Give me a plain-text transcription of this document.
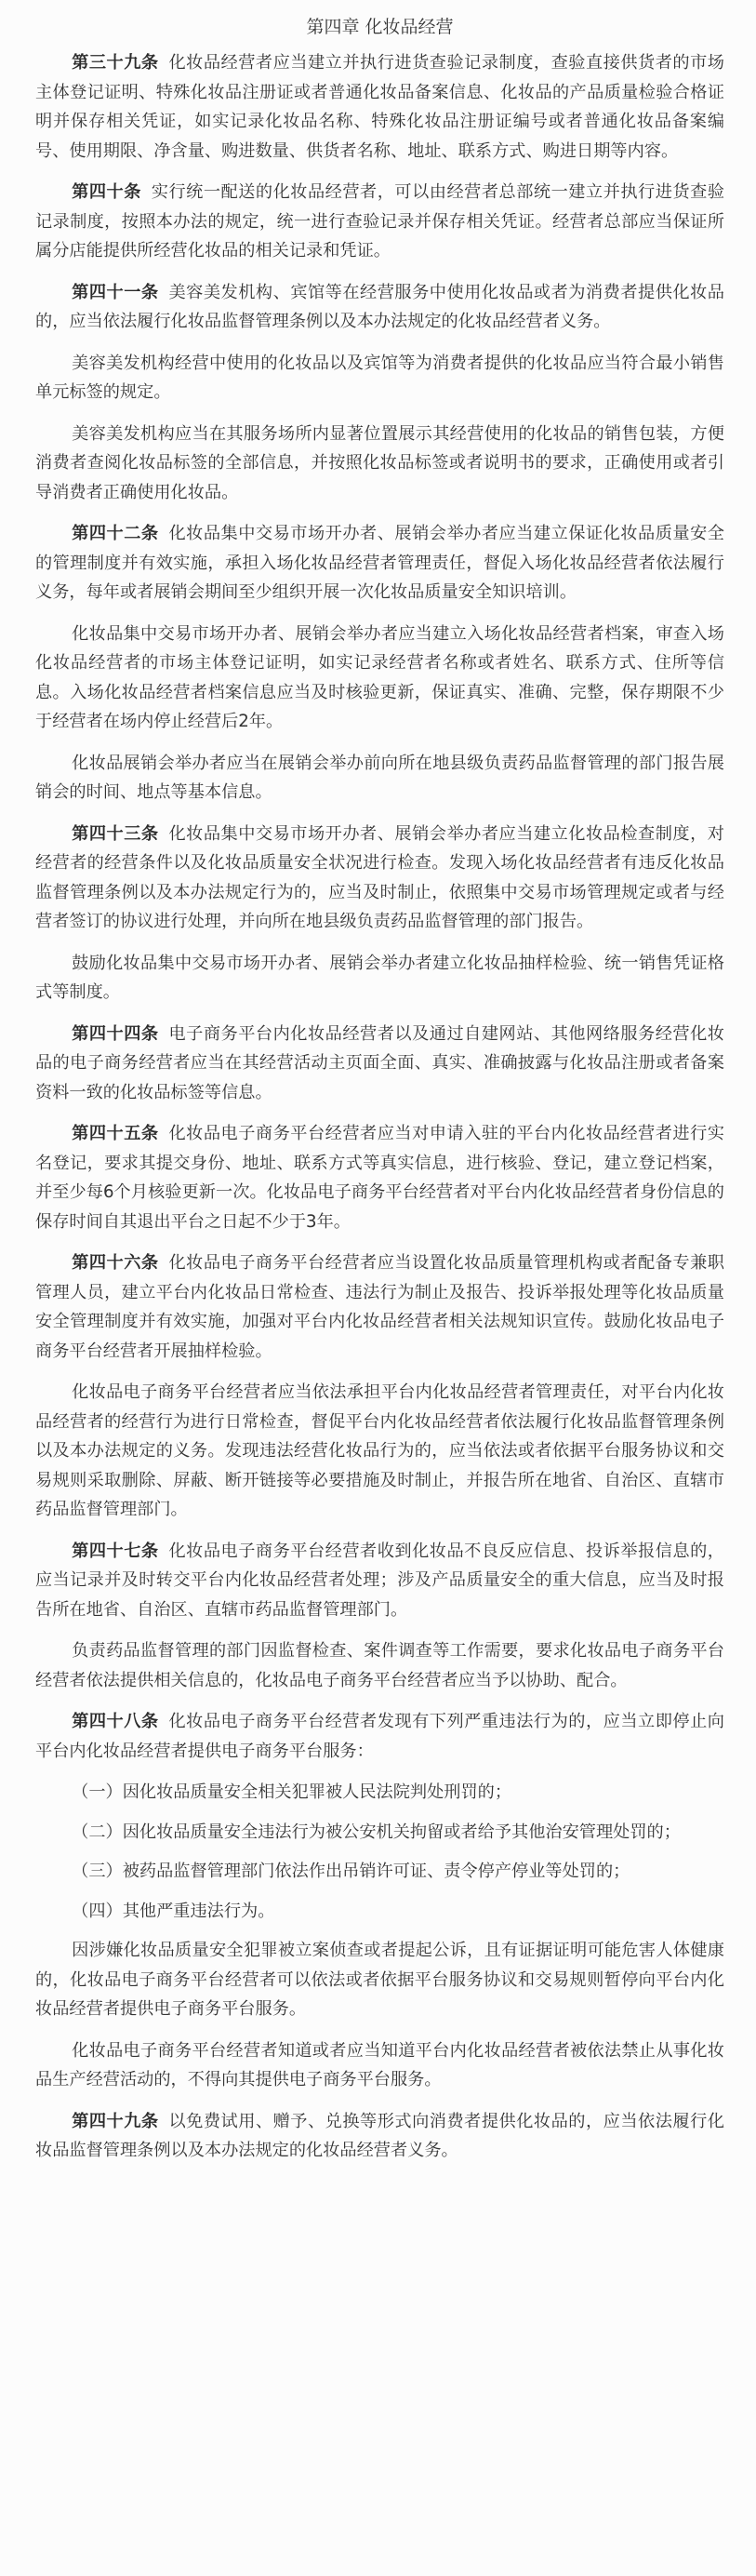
第四章 化妆品经营

第三十九条 化妆品经营者应当建立并执行进货查验记录制度，查验直接供货者的市场主体登记证明、特殊化妆品注册证或者普通化妆品备案信息、化妆品的产品质量检验合格证明并保存相关凭证，如实记录化妆品名称、特殊化妆品注册证编号或者普通化妆品备案编号、使用期限、净含量、购进数量、供货者名称、地址、联系方式、购进日期等内容。

第四十条 实行统一配送的化妆品经营者，可以由经营者总部统一建立并执行进货查验记录制度，按照本办法的规定，统一进行查验记录并保存相关凭证。经营者总部应当保证所属分店能提供所经营化妆品的相关记录和凭证。

第四十一条 美容美发机构、宾馆等在经营服务中使用化妆品或者为消费者提供化妆品的，应当依法履行化妆品监督管理条例以及本办法规定的化妆品经营者义务。

美容美发机构经营中使用的化妆品以及宾馆等为消费者提供的化妆品应当符合最小销售单元标签的规定。

美容美发机构应当在其服务场所内显著位置展示其经营使用的化妆品的销售包装，方便消费者查阅化妆品标签的全部信息，并按照化妆品标签或者说明书的要求，正确使用或者引导消费者正确使用化妆品。

第四十二条 化妆品集中交易市场开办者、展销会举办者应当建立保证化妆品质量安全的管理制度并有效实施，承担入场化妆品经营者管理责任，督促入场化妆品经营者依法履行义务，每年或者展销会期间至少组织开展一次化妆品质量安全知识培训。

化妆品集中交易市场开办者、展销会举办者应当建立入场化妆品经营者档案，审查入场化妆品经营者的市场主体登记证明，如实记录经营者名称或者姓名、联系方式、住所等信息。入场化妆品经营者档案信息应当及时核验更新，保证真实、准确、完整，保存期限不少于经营者在场内停止经营后2年。

化妆品展销会举办者应当在展销会举办前向所在地县级负责药品监督管理的部门报告展销会的时间、地点等基本信息。

第四十三条 化妆品集中交易市场开办者、展销会举办者应当建立化妆品检查制度，对经营者的经营条件以及化妆品质量安全状况进行检查。发现入场化妆品经营者有违反化妆品监督管理条例以及本办法规定行为的，应当及时制止，依照集中交易市场管理规定或者与经营者签订的协议进行处理，并向所在地县级负责药品监督管理的部门报告。

鼓励化妆品集中交易市场开办者、展销会举办者建立化妆品抽样检验、统一销售凭证格式等制度。

第四十四条 电子商务平台内化妆品经营者以及通过自建网站、其他网络服务经营化妆品的电子商务经营者应当在其经营活动主页面全面、真实、准确披露与化妆品注册或者备案资料一致的化妆品标签等信息。

第四十五条 化妆品电子商务平台经营者应当对申请入驻的平台内化妆品经营者进行实名登记，要求其提交身份、地址、联系方式等真实信息，进行核验、登记，建立登记档案，并至少每6个月核验更新一次。化妆品电子商务平台经营者对平台内化妆品经营者身份信息的保存时间自其退出平台之日起不少于3年。

第四十六条 化妆品电子商务平台经营者应当设置化妆品质量管理机构或者配备专兼职管理人员，建立平台内化妆品日常检查、违法行为制止及报告、投诉举报处理等化妆品质量安全管理制度并有效实施，加强对平台内化妆品经营者相关法规知识宣传。鼓励化妆品电子商务平台经营者开展抽样检验。

化妆品电子商务平台经营者应当依法承担平台内化妆品经营者管理责任，对平台内化妆品经营者的经营行为进行日常检查，督促平台内化妆品经营者依法履行化妆品监督管理条例以及本办法规定的义务。发现违法经营化妆品行为的，应当依法或者依据平台服务协议和交易规则采取删除、屏蔽、断开链接等必要措施及时制止，并报告所在地省、自治区、直辖市药品监督管理部门。

第四十七条 化妆品电子商务平台经营者收到化妆品不良反应信息、投诉举报信息的，应当记录并及时转交平台内化妆品经营者处理；涉及产品质量安全的重大信息，应当及时报告所在地省、自治区、直辖市药品监督管理部门。

负责药品监督管理的部门因监督检查、案件调查等工作需要，要求化妆品电子商务平台经营者依法提供相关信息的，化妆品电子商务平台经营者应当予以协助、配合。

第四十八条 化妆品电子商务平台经营者发现有下列严重违法行为的，应当立即停止向平台内化妆品经营者提供电子商务平台服务：

（一）因化妆品质量安全相关犯罪被人民法院判处刑罚的；

（二）因化妆品质量安全违法行为被公安机关拘留或者给予其他治安管理处罚的；

（三）被药品监督管理部门依法作出吊销许可证、责令停产停业等处罚的；

（四）其他严重违法行为。

因涉嫌化妆品质量安全犯罪被立案侦查或者提起公诉，且有证据证明可能危害人体健康的，化妆品电子商务平台经营者可以依法或者依据平台服务协议和交易规则暂停向平台内化妆品经营者提供电子商务平台服务。

化妆品电子商务平台经营者知道或者应当知道平台内化妆品经营者被依法禁止从事化妆品生产经营活动的，不得向其提供电子商务平台服务。

第四十九条 以免费试用、赠予、兑换等形式向消费者提供化妆品的，应当依法履行化妆品监督管理条例以及本办法规定的化妆品经营者义务。
